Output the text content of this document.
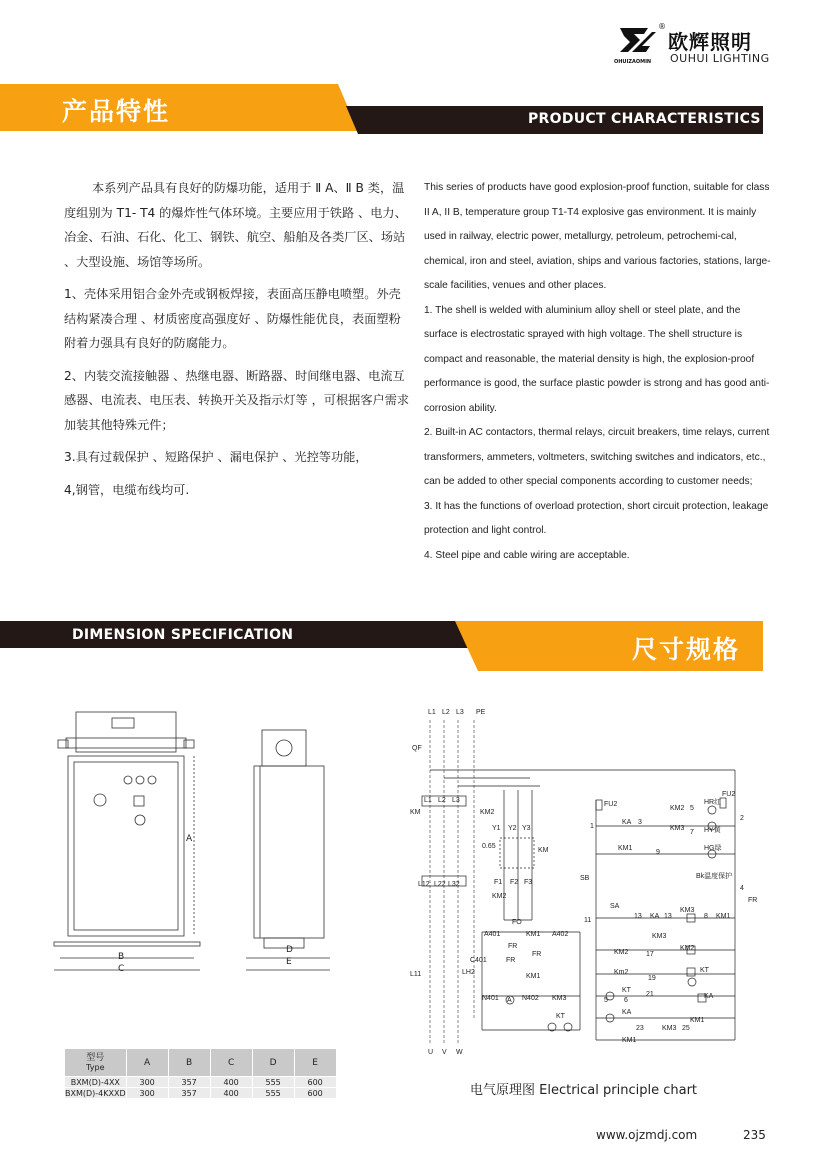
OHUIZAOMIN
®
欧辉照明
OUHUI LIGHTING
产品特性	PRODUCT CHARACTERISTICS

本系列产品具有良好的防爆功能，适用于 Ⅱ A、Ⅱ B 类，温度组别为 T1- T4 的爆炸性气体环境。主要应用于铁路 、电力、冶金、石油、石化、化工、钢铁、航空、船舶及各类厂区、场站 、大型设施、场馆等场所。

1、壳体采用铝合金外壳或钢板焊接，表面高压静电喷塑。外壳结构紧凑合理 、材质密度高强度好 、防爆性能优良，表面塑粉附着力强具有良好的防腐能力。

2、内装交流接触器 、热继电器、断路器、时间继电器、电流互感器、电流表、电压表、转换开关及指示灯等 ，可根据客户需求加装其他特殊元件；

3.具有过载保护 、短路保护 、漏电保护 、光控等功能，

4,钢管，电缆布线均可.

This series of products have good explosion-proof function, suitable for class II A, II B, temperature group T1-T4 explosive gas environment. It is mainly used in railway, electric power, metallurgy, petroleum, petrochemi-cal, chemical, iron and steel, aviation, ships and various factories, stations, large-scale facilities, venues and other places.

1. The shell is welded with aluminium alloy shell or steel plate, and the surface is electrostatic sprayed with high voltage. The shell structure is compact and reasonable, the material density is high, the explosion-proof performance is good, the surface plastic powder is strong and has good anti-corrosion ability.

2. Built-in AC contactors, thermal relays, circuit breakers, time relays, current transformers, ammeters, voltmeters, switching switches and indicators, etc., can be added to other special components according to customer needs;

3. It has the functions of overload protection, short circuit protection, leakage protection and light control.

4. Steel pipe and cable wiring are acceptable.

DIMENSION SPECIFICATION	尺寸规格
A
B
C
D
E
型号
Type	A	B	C	D	E
BXM(D)-4XX	300	357	400	555	600
BXM(D)-4KXXD	300	357	400	555	600
L1 L2 L3 PE
QF
L1 L2 L3
KM	KM2
Y1 Y2 Y3
0.65
KM
L12 L22 L32	F1 F2 F3
KM2
FO
FU2
FU2
KA 3
KM2 5
HR红
KM3
7 HY黄
2
1
KM1
9
HG绿
SB	Bk温度保护
4
FR
SA
11
13 KA 13
KM3
8 KM1
KM3
KM2	17
KM2
Km2
19
KT
KT
21	KA
5 6
KA
23	KM3 25
KM1
KM1
A401	KM1 A402
FR
FR
FR
C401
LH2
L11	KM1
N401 A N402 KM3
KT
U V W
电气原理图 Electrical principle chart
www.ojzmdj.com	235
